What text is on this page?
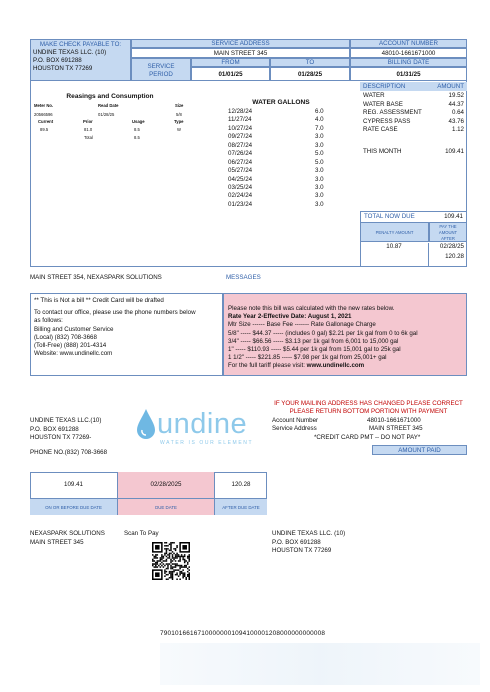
MAKE CHECK PAYABLE TO:
UNDINE TEXAS LLC. (10)
P.O. BOX 691288
HOUSTON TX 77269
SERVICE ADDRESS
MAIN STREET 345
ACCOUNT NUMBER
48010-1661671000
SERVICE
PERIOD
FROM	TO
01/01/25	01/28/25
BILLING DATE
01/31/25
Reasings and Consumption
Meter No.	Read Date	Size
20566596	01/28/25	5/8
Current	Prior	Usage	Type
89.5	81.0	8.5	W
Total	8.5
WATER GALLONS
12/28/24	6.0
11/27/24	4.0
10/27/24	7.0
09/27/24	3.0
08/27/24	3.0
07/26/24	5.0
06/27/24	5.0
05/27/24	3.0
04/25/24	3.0
03/25/24	3.0
02/24/24	3.0
01/23/24	3.0
DESCRIPTION	AMOUNT
WATER	19.52
WATER BASE	44.37
REG. ASSESSMENT	0.64
CYPRESS PASS	43.76
RATE CASE	1.12
THIS MONTH	109.41
TOTAL NOW DUE	109.41
PENALTY AMOUNT
PAY THE AMOUNT AFTER
10.87	02/28/25
120.28
MAIN STREET 354, NEXASPARK SOLUTIONS	MESSAGES
** This is Not a bill ** Credit Card will be drafted
To contact our office, please use the phone numbers below
as follows:
Billing and Customer Service
(Local) (832) 708-3668
(Toll-Free) (888) 201-4314
Website: www.undinellc.com
Please note this bill was calculated with the new rates below.
Rate Year 2-Effective Date: August 1, 2021
Mtr Size ------ Base Fee ------- Rate Gallonage Charge
5/8" ----- $44.37 ----- (includes 0 gal) $2.21 per 1k gal from 0 to 6k gal
3/4" ----- $66.56 ----- $3.13 per 1k gal from 6,001 to 15,000 gal
1" ----- $110.93 ----- $5.44 per 1k gal from 15,001 gal to 25k gal
1 1/2" ----- $221.85 ----- $7.98 per 1k gal from 25,001+ gal
For the full tariff please visit: www.undinellc.com
UNDINE TEXAS LLC.(10)
P.O. BOX 691288
HOUSTON TX 77269-
PHONE NO.(832) 708-3668
undine
WATER IS OUR ELEMENT
IF YOUR MAILING ADDRESS HAS CHANGED PLEASE CORRECT
PLEASE RETURN BOTTOM PORTION WITH PAYMENT
Account Number	48010-1661671000
Service Address	MAIN STREET 345
*CREDIT CARD PMT -- DO NOT PAY*
AMOUNT PAID
109.41	02/28/2025	120.28
ON OR BEFORE DUE DATE	DUE DATE	AFTER DUE DATE
NEXASPARK SOLUTIONS
MAIN STREET 345
Scan To Pay	UNDINE TEXAS LLC. (10)
P.O. BOX 691288
HOUSTON TX 77269
79010166167100000001094100001208000000000008
